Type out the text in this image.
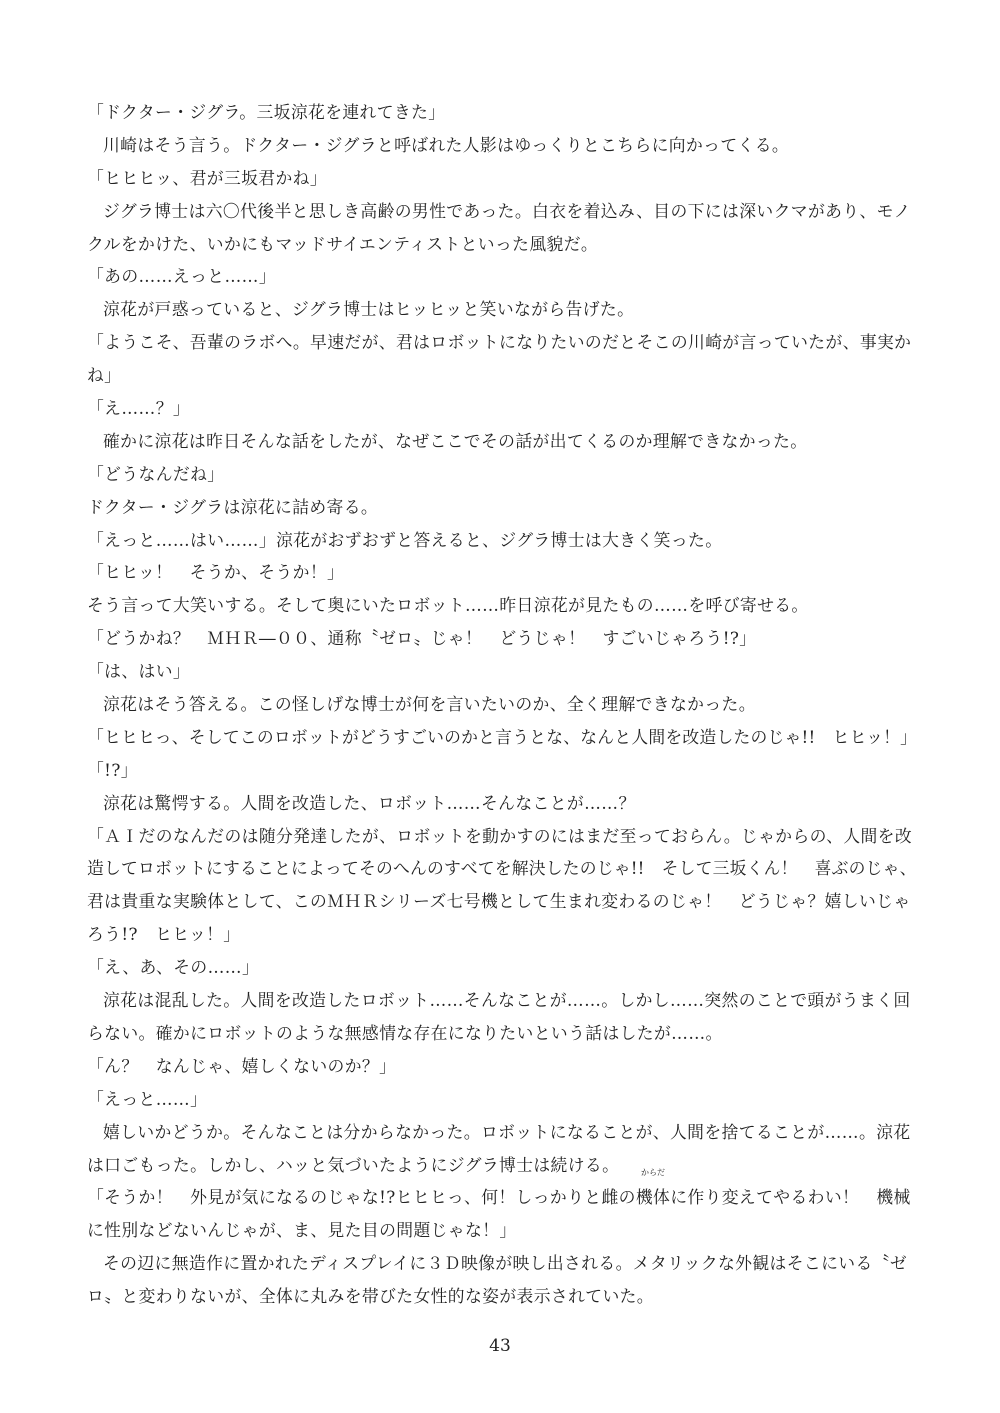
「ドクター・ジグラ。三坂涼花を連れてきた」
川崎はそう言う。ドクター・ジグラと呼ばれた人影はゆっくりとこちらに向かってくる。
「ヒヒヒッ、君が三坂君かね」
ジグラ博士は六〇代後半と思しき高齢の男性であった。白衣を着込み、目の下には深いクマがあり、モノ
クルをかけた、いかにもマッドサイエンティストといった風貌だ。
「あの……えっと……」
涼花が戸惑っていると、ジグラ博士はヒッヒッと笑いながら告げた。
「ようこそ、吾輩のラボへ。早速だが、君はロボットになりたいのだとそこの川崎が言っていたが、事実か
ね」
「え……？」
確かに涼花は昨日そんな話をしたが、なぜここでその話が出てくるのか理解できなかった。
「どうなんだね」
ドクター・ジグラは涼花に詰め寄る。
「えっと……はい……」涼花がおずおずと答えると、ジグラ博士は大きく笑った。
「ヒヒッ！　そうか、そうか！」
そう言って大笑いする。そして奥にいたロボット……昨日涼花が見たもの……を呼び寄せる。
「どうかね？　ＭＨＲ―００、通称〝ゼロ〟じゃ！　どうじゃ！　すごいじゃろう!?」
「は、はい」
涼花はそう答える。この怪しげな博士が何を言いたいのか、全く理解できなかった。
「ヒヒヒっ、そしてこのロボットがどうすごいのかと言うとな、なんと人間を改造したのじゃ!!　ヒヒッ！」
「!?」
涼花は驚愕する。人間を改造した、ロボット……そんなことが……？
「ＡＩだのなんだのは随分発達したが、ロボットを動かすのにはまだ至っておらん。じゃからの、人間を改
造してロボットにすることによってそのへんのすべてを解決したのじゃ!!　そして三坂くん！　喜ぶのじゃ、
君は貴重な実験体として、このＭＨＲシリーズ七号機として生まれ変わるのじゃ！　どうじゃ？嬉しいじゃ
ろう!?　ヒヒッ！」
「え、あ、その……」
涼花は混乱した。人間を改造したロボット……そんなことが……。しかし……突然のことで頭がうまく回
らない。確かにロボットのような無感情な存在になりたいという話はしたが……。
「ん？　なんじゃ、嬉しくないのか？」
「えっと……」
嬉しいかどうか。そんなことは分からなかった。ロボットになることが、人間を捨てることが……。涼花
は口ごもった。しかし、ハッと気づいたようにジグラ博士は続ける。
「そうか！　外見が気になるのじゃな!?ヒヒヒっ、何！しっかりと雌の
からだ
機体に作り変えてやるわい！　機械
に性別などないんじゃが、ま、見た目の問題じゃな！」
その辺に無造作に置かれたディスプレイに３Ｄ映像が映し出される。メタリックな外観はそこにいる〝ゼ
ロ〟と変わりないが、全体に丸みを帯びた女性的な姿が表示されていた。
43
